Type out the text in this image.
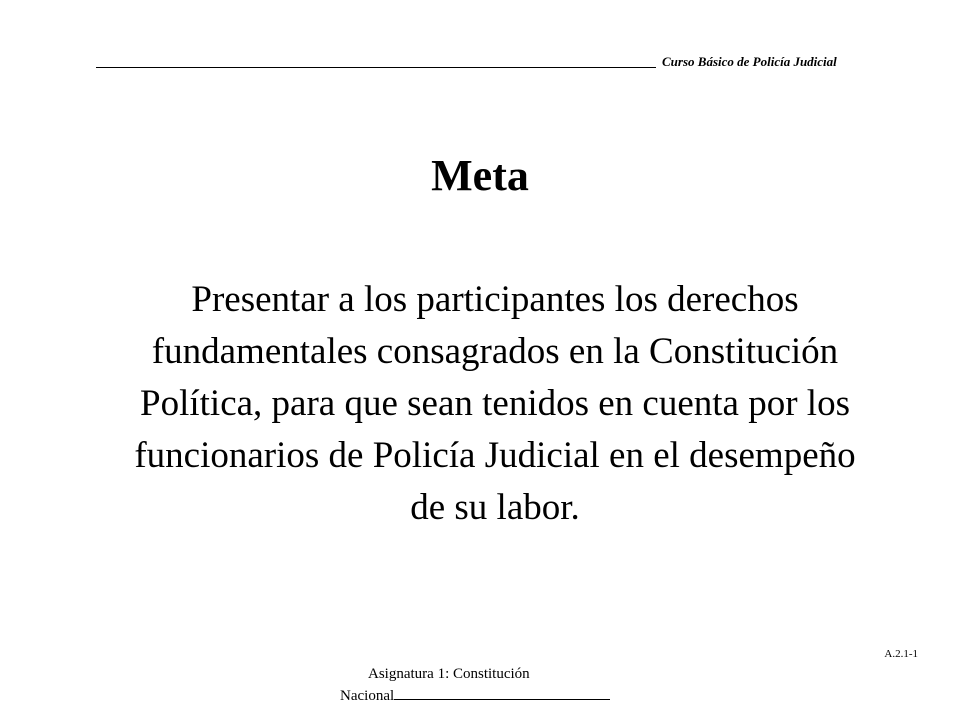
Curso Básico de Policía Judicial
Meta
Presentar a los participantes los derechos fundamentales consagrados en la Constitución Política, para que sean tenidos en cuenta por los funcionarios de Policía Judicial en el desempeño de su labor.
A.2.1-1
Asignatura 1: Constitución
Nacional
